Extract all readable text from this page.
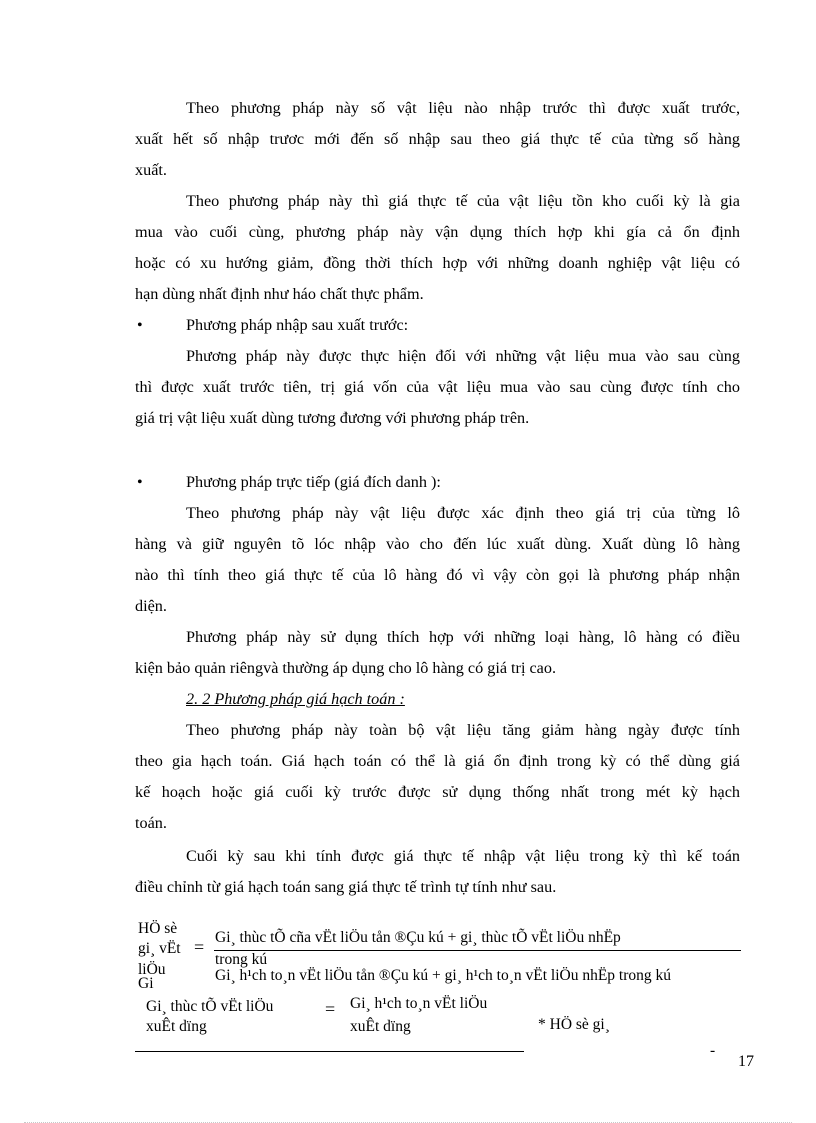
Theo phương pháp này số vật liệu nào nhập trước thì được xuất trước,
xuất hết số nhập trươc mới đến số nhập sau theo giá thực tế của từng số hàng
xuất.
Theo phương pháp này thì giá thực tế của vật liệu tồn kho cuối kỳ là gia
mua vào cuối cùng, phương pháp này vận dụng thích hợp khi gía cả ổn định
hoặc có xu hướng giảm, đồng thời thích hợp với những doanh nghiệp vật liệu có
hạn dùng nhất định như háo chất thực phẩm.
•	Phương pháp nhập sau xuất trước:
Phương pháp này được thực hiện đối với những vật liệu mua vào sau cùng
thì được xuất trước tiên, trị giá vốn của vật liệu mua vào sau cùng được tính cho
giá trị vật liệu xuất dùng tương đương với phương pháp trên.
•	Phương pháp trực tiếp (giá đích danh ):
Theo phương pháp này vật liệu được xác định theo giá trị của từng lô
hàng và giữ nguyên tõ lóc nhập vào cho đến lúc xuất dùng. Xuất dùng lô hàng
nào thì tính theo giá thực tế của lô hàng đó vì vậy còn gọi là phương pháp nhận
diện.
Phương pháp này sử dụng thích hợp với những loại hàng, lô hàng có điều
kiện bảo quản riêngvà thường áp dụng cho lô hàng có giá trị cao.
2. 2 Phương pháp giá hạch toán :
Theo phương pháp này toàn bộ vật liệu tăng giảm hàng ngày được tính
theo gia hạch toán. Giá hạch toán có thể là giá ổn định trong kỳ có thể dùng giá
kế hoạch hoặc giá cuối kỳ trước được sử dụng thống nhất trong mét kỳ hạch
toán.
Cuối kỳ sau khi tính được giá thực tế nhập vật liệu trong kỳ thì kế toán
điều chỉnh từ giá hạch toán sang giá thực tế trình tự tính như sau.
HÖ sè
gi¸ vËt
liÖu
Gi
= Gi¸ thùc tÕ cña vËt liÖu tån ®Çu kú + gi¸ thùc tÕ vËt liÖu nhËp
trong kú
Gi¸ h¹ch to¸n vËt liÖu tån ®Çu kú + gi¸ h¹ch to¸n vËt liÖu nhËp trong kú
Gi¸ thùc tÕ vËt liÖu
xuÊt dïng
= Gi¸ h¹ch to¸n vËt liÖu
xuÊt dïng	* HÖ sè gi¸
-
17
